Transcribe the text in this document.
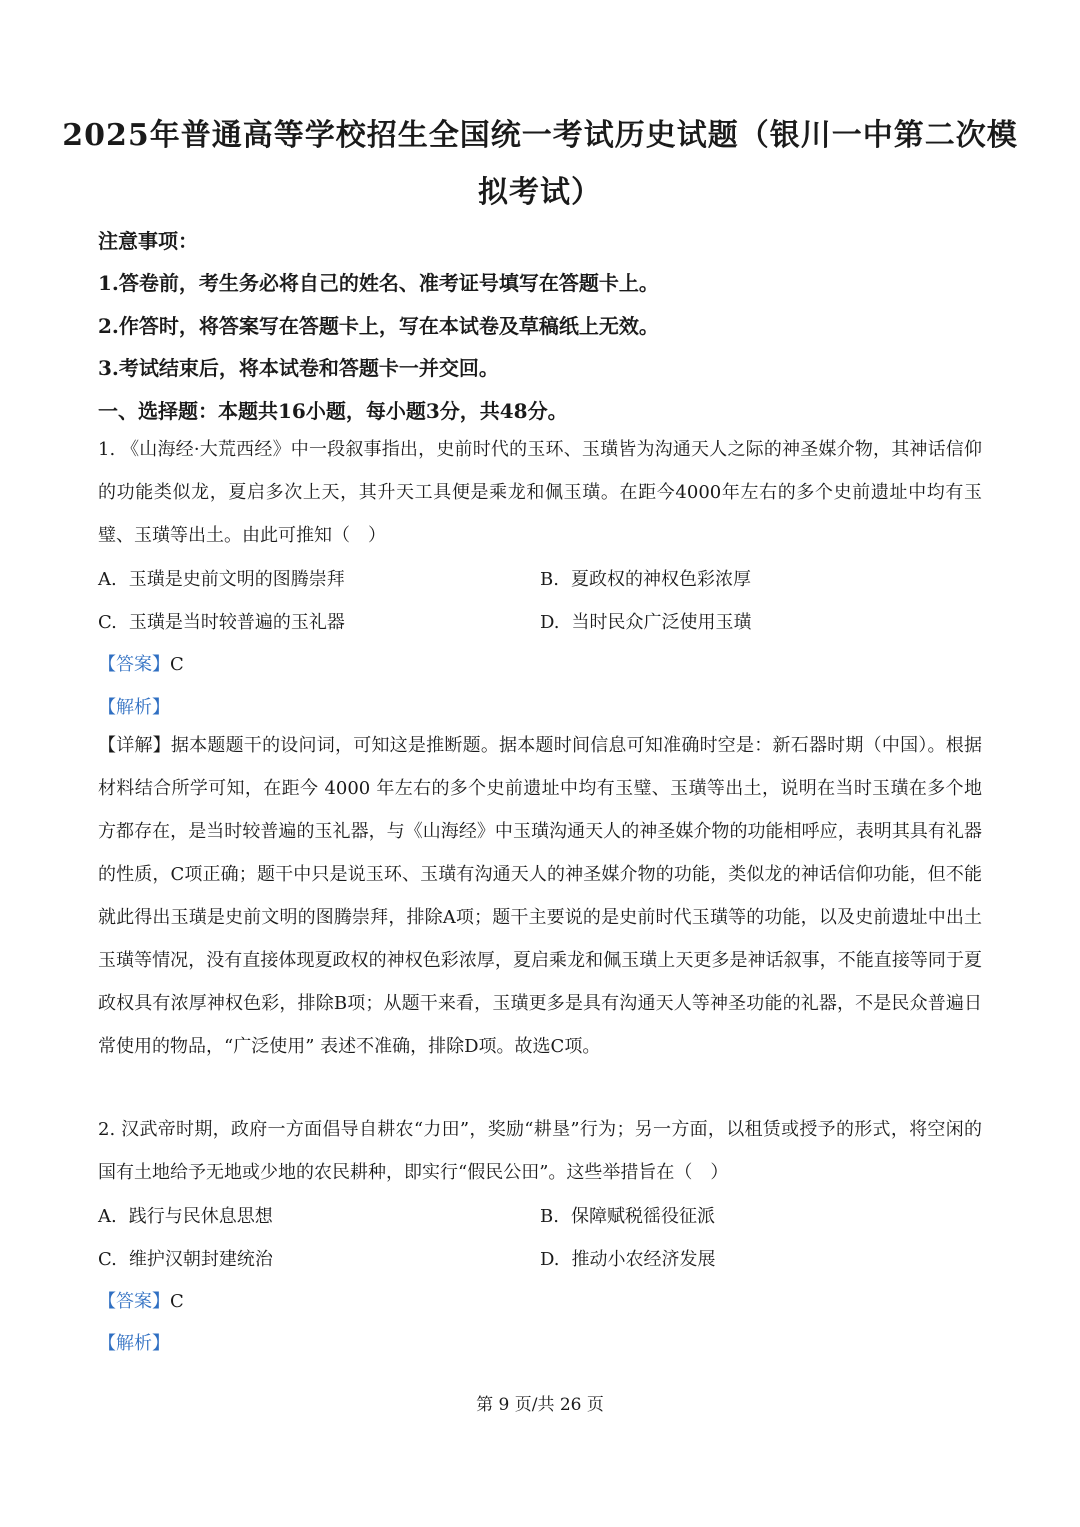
2025年普通高等学校招生全国统一考试历史试题（银川一中第二次模
拟考试）
注意事项：
1.答卷前，考生务必将自己的姓名、准考证号填写在答题卡上。
2.作答时，将答案写在答题卡上，写在本试卷及草稿纸上无效。
3.考试结束后，将本试卷和答题卡一并交回。
一、选择题：本题共16小题，每小题3分，共48分。

1. 《山海经·大荒西经》中一段叙事指出，史前时代的玉环、玉璜皆为沟通天人之际的神圣媒介物，其神话信仰的功能类似龙，夏启多次上天，其升天工具便是乘龙和佩玉璜。在距今4000年左右的多个史前遗址中均有玉璧、玉璜等出土。由此可推知（　）

A. 玉璜是史前文明的图腾崇拜	B. 夏政权的神权色彩浓厚
C. 玉璜是当时较普遍的玉礼器	D. 当时民众广泛使用玉璜
【答案】C
【解析】

【详解】据本题题干的设问词，可知这是推断题。据本题时间信息可知准确时空是：新石器时期（中国）。根据材料结合所学可知，在距今 4000 年左右的多个史前遗址中均有玉璧、玉璜等出土，说明在当时玉璜在多个地方都存在，是当时较普遍的玉礼器，与《山海经》中玉璜沟通天人的神圣媒介物的功能相呼应，表明其具有礼器的性质，C项正确；题干中只是说玉环、玉璜有沟通天人的神圣媒介物的功能，类似龙的神话信仰功能，但不能就此得出玉璜是史前文明的图腾崇拜，排除A项；题干主要说的是史前时代玉璜等的功能，以及史前遗址中出土玉璜等情况，没有直接体现夏政权的神权色彩浓厚，夏启乘龙和佩玉璜上天更多是神话叙事，不能直接等同于夏政权具有浓厚神权色彩，排除B项；从题干来看，玉璜更多是具有沟通天人等神圣功能的礼器，不是民众普遍日常使用的物品，“广泛使用” 表述不准确，排除D项。故选C项。

2. 汉武帝时期，政府一方面倡导自耕农“力田”，奖励“耕垦”行为；另一方面，以租赁或授予的形式，将空闲的国有土地给予无地或少地的农民耕种，即实行“假民公田”。这些举措旨在（　）

A. 践行与民休息思想	B. 保障赋税徭役征派
C. 维护汉朝封建统治	D. 推动小农经济发展
【答案】C
【解析】
第 9 页/共 26 页
